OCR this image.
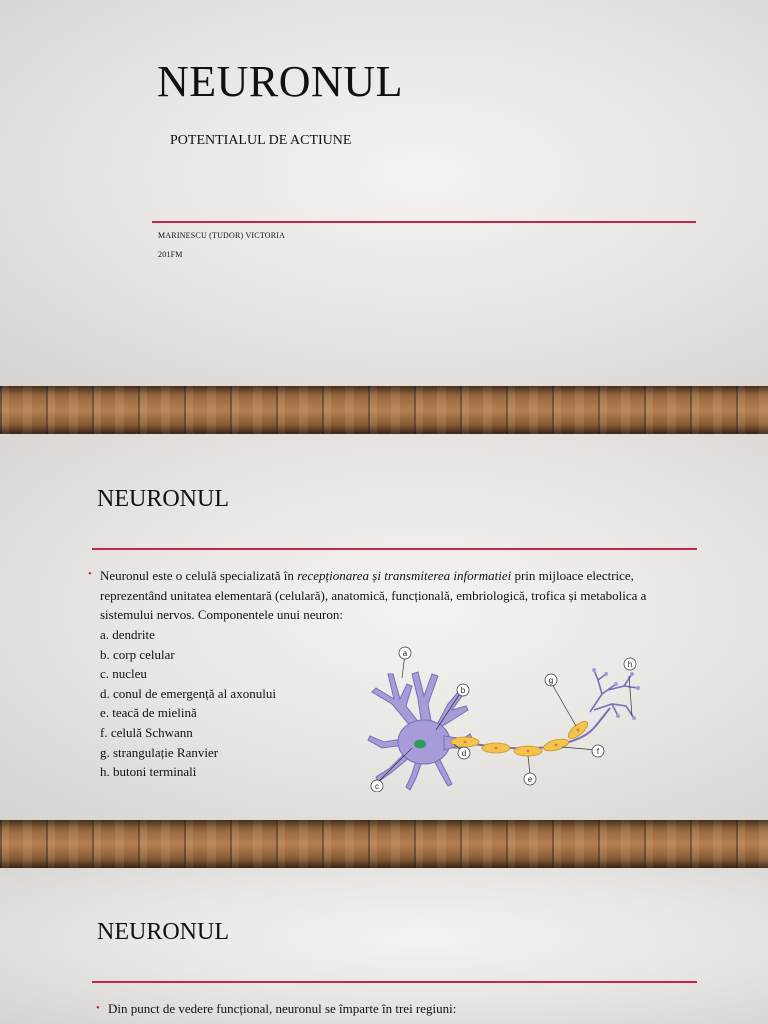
NEURONUL
POTENTIALUL DE ACTIUNE
MARINESCU (TUDOR) VICTORIA
201FM
NEURONUL
• Neuronul este o celulă specializată în recepționarea și transmiterea informatiei prin mijloace electrice, reprezentând unitatea elementară (celulară), anatomică, funcțională, embriologică, trofica și metabolica a sistemului nervos. Componentele unui neuron:

a. dendrite
b. corp celular
c. nucleu
d. conul de emergență al axonului
e. teacă de mielină
f. celulă Schwann
g. strangulație Ranvier
h. butoni terminali
a
b
c
d
e
f
g
h
NEURONUL
• Din punct de vedere funcțional, neuronul se împarte în trei regiuni:
